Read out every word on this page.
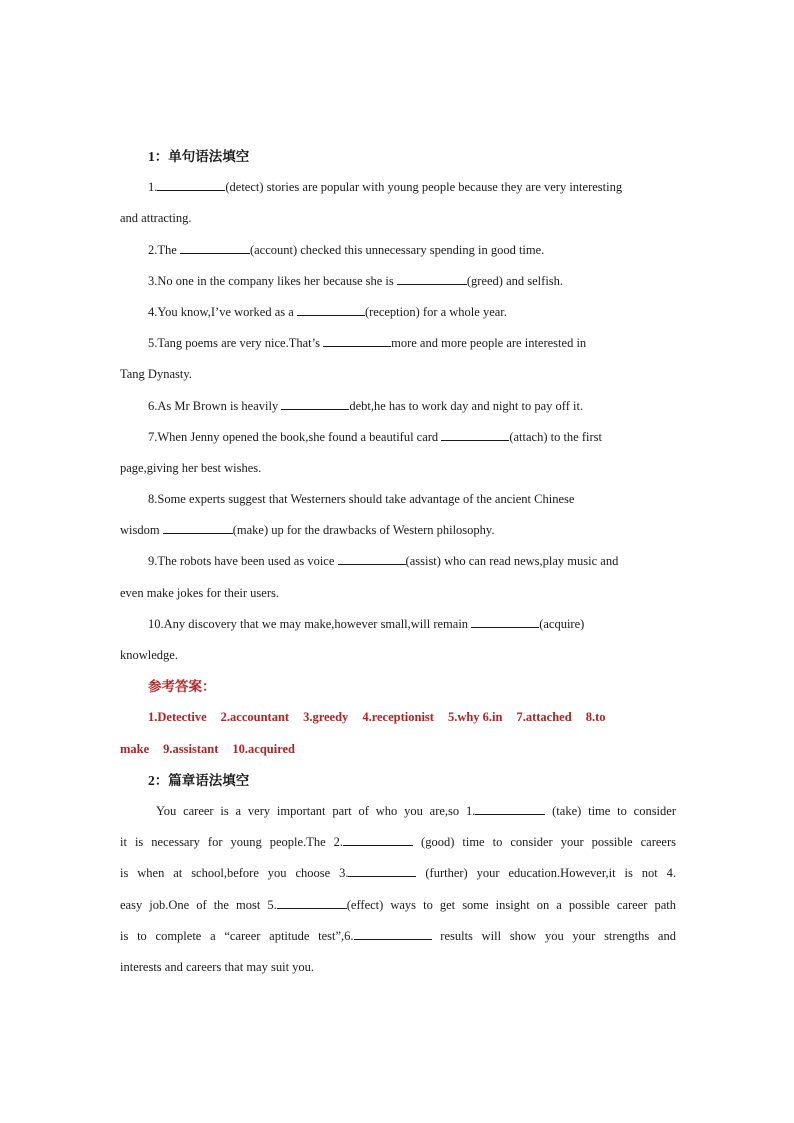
1：单句语法填空
1.	(detect) stories are popular with young people because they are very interesting
and attracting.
2.The	(account) checked this unnecessary spending in good time.
3.No one in the company likes her because she is	(greed) and selfish.
4.You know,I’ve worked as a	(reception) for a whole year.
5.Tang poems are very nice.That’s	more and more people are interested in
Tang Dynasty.
6.As Mr Brown is heavily	debt,he has to work day and night to pay off it.
7.When Jenny opened the book,she found a beautiful card	(attach) to the first
page,giving her best wishes.
8.Some experts suggest that Westerners should take advantage of the ancient Chinese
wisdom	(make) up for the drawbacks of Western philosophy.
9.The robots have been used as voice	(assist) who can read news,play music and
even make jokes for their users.
10.Any discovery that we may make,however small,will remain	(acquire)
knowledge.
参考答案：
1.Detective 2.accountant 3.greedy 4.receptionist 5.why 6.in 7.attached 8.to
make 9.assistant 10.acquired
2：篇章语法填空
You career is a very important part of who you are,so 1.	(take) time to consider
it is necessary for young people.The 2.	(good) time to consider your possible careers
is when at school,before you choose 3.	(further) your education.However,it is not 4.
easy job.One of the most 5.	(effect) ways to get some insight on a possible career path
is to complete a “career aptitude test”,6.	results will show you your strengths and
interests and careers that may suit you.
